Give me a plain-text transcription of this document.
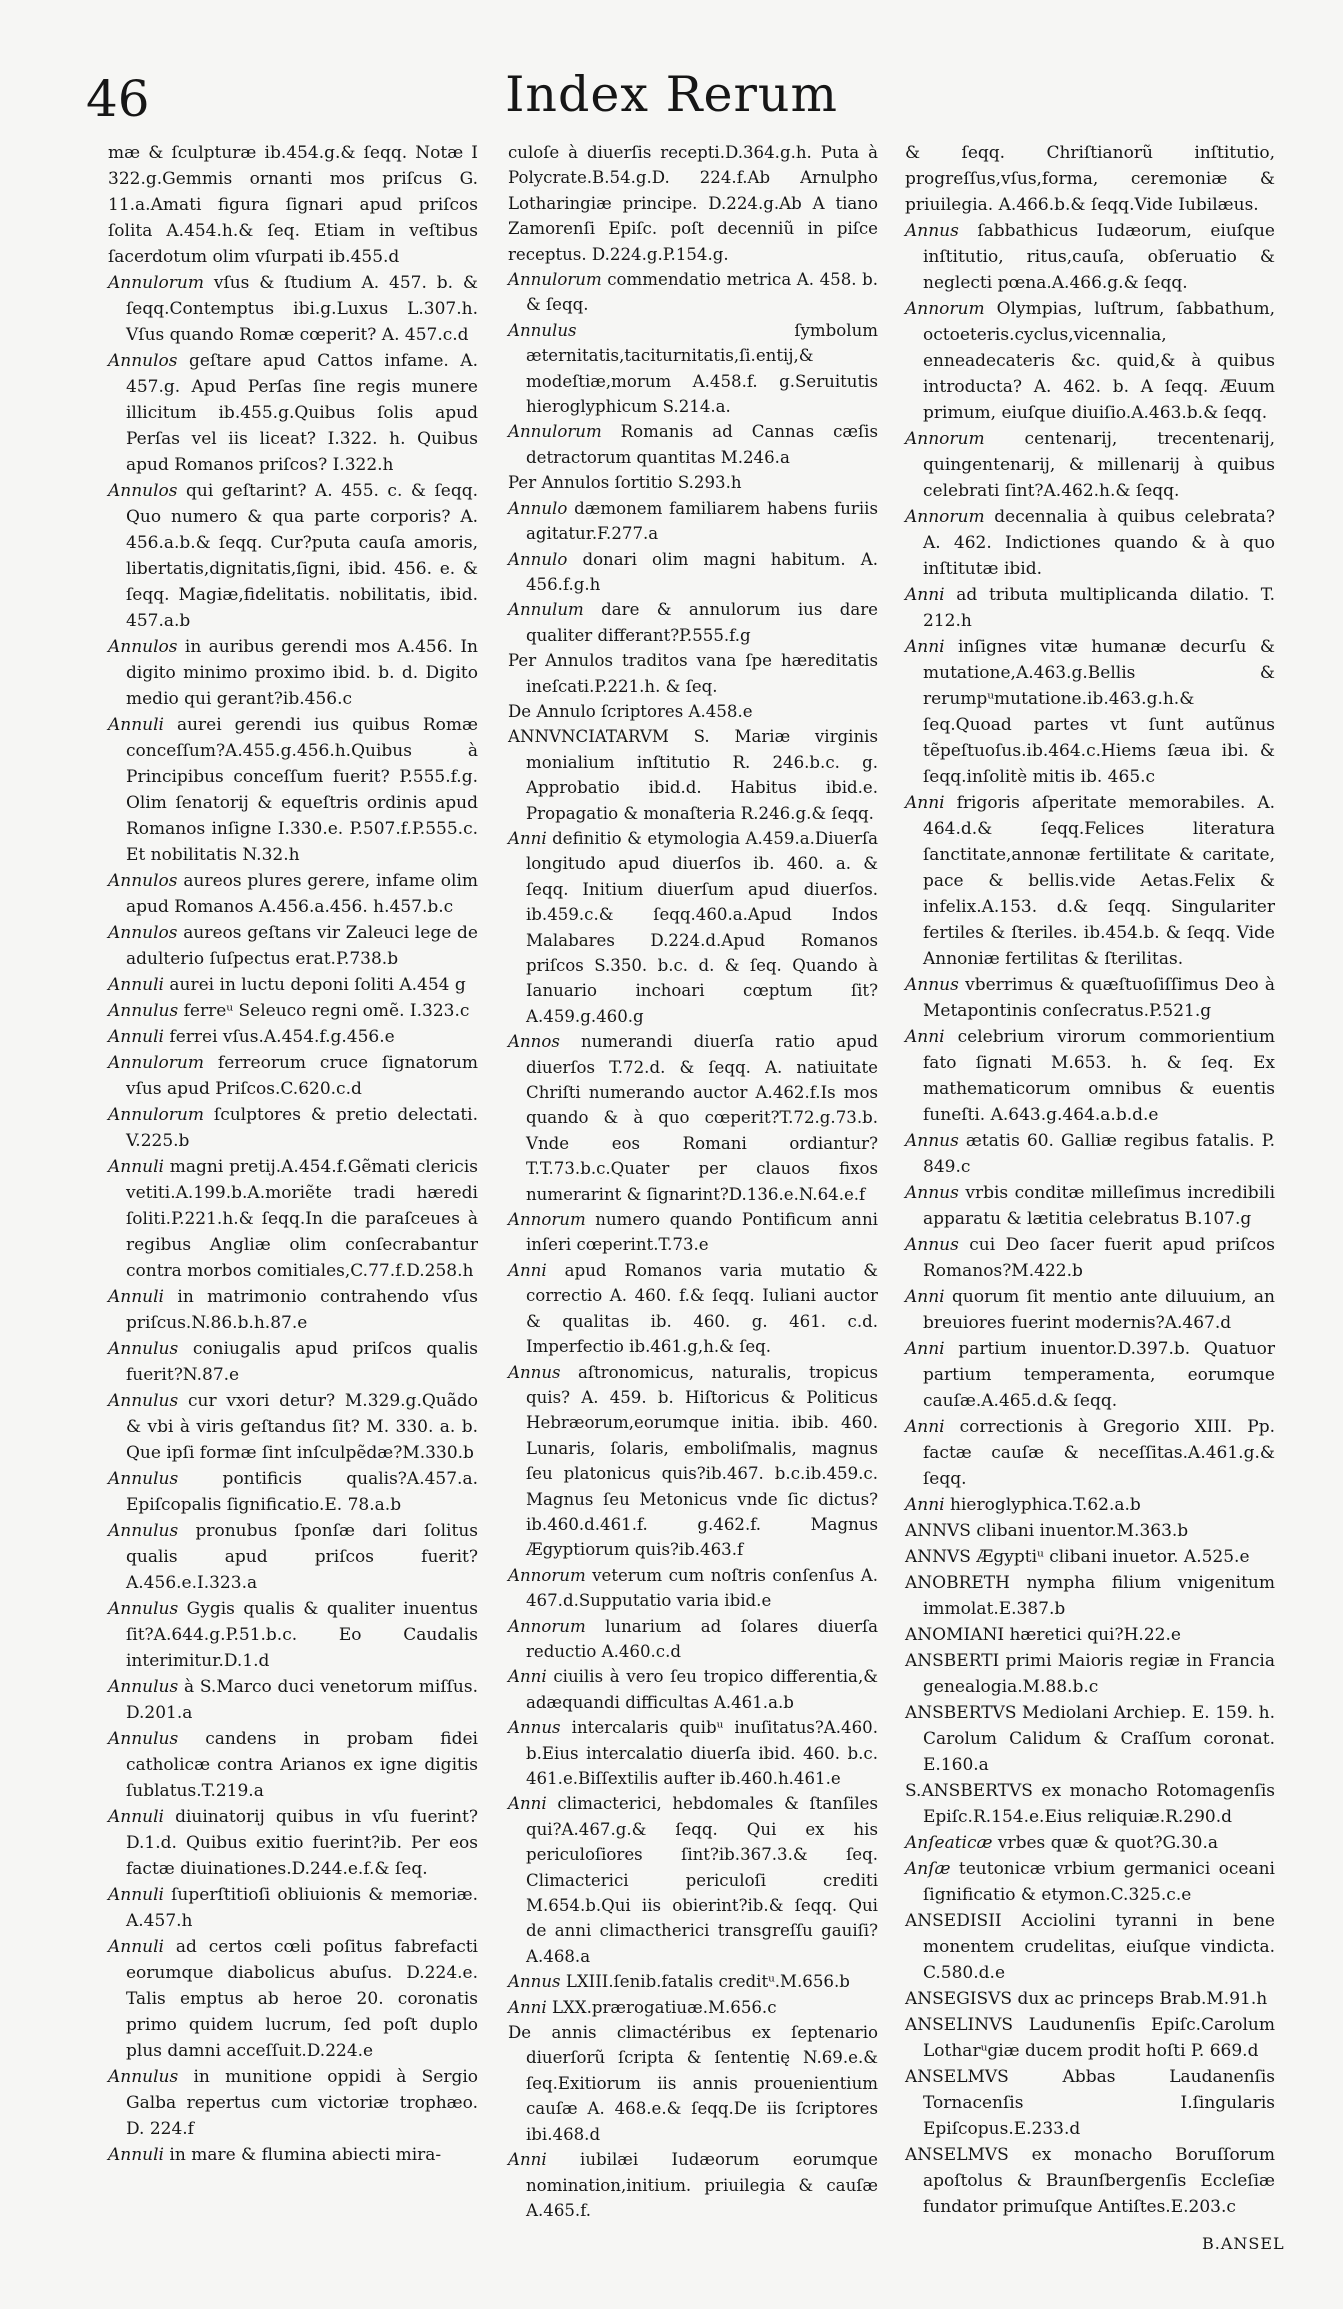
46	Index Rerum

mæ & ſculpturæ ib.454.g.& ſeqq. Notæ I 322.g.Gemmis ornanti mos priſcus G. 11.a.Amati figura ſignari apud priſcos ſolita A.454.h.& ſeq. Etiam in veſtibus ſacerdotum olim vſurpati ib.455.d

Annulorum vſus & ſtudium A. 457. b. & ſeqq.Contemptus ibi.g.Luxus L.307.h. Vſus quando Romæ cœperit? A. 457.c.d

Annulos geſtare apud Cattos infame. A. 457.g. Apud Perſas ſine regis munere illicitum ib.455.g.Quibus ſolis apud Perſas vel iis liceat? I.322. h. Quibus apud Romanos priſcos? I.322.h

Annulos qui geſtarint? A. 455. c. & ſeqq. Quo numero & qua parte corporis? A. 456.a.b.& ſeqq. Cur?puta cauſa amoris, libertatis,dignitatis,ſigni, ibid. 456. e. & ſeqq. Magiæ,fidelitatis. nobilitatis, ibid. 457.a.b

Annulos in auribus gerendi mos A.456. In digito minimo proximo ibid. b. d. Digito medio qui gerant?ib.456.c

Annuli aurei gerendi ius quibus Romæ conceſſum?A.455.g.456.h.Quibus à Principibus conceſſum fuerit? P.555.f.g. Olim ſenatorij & equeſtris ordinis apud Romanos inſigne I.330.e. P.507.f.P.555.c. Et nobilitatis N.32.h

Annulos aureos plures gerere, infame olim apud Romanos A.456.a.456. h.457.b.c

Annulos aureos geſtans vir Zaleuci lege de adulterio ſuſpectus erat.P.738.b

Annuli aurei in luctu deponi ſoliti A.454 g

Annulus ferreᵘ Seleuco regni omẽ. I.323.c

Annuli ferrei vſus.A.454.f.g.456.e

Annulorum ferreorum cruce ſignatorum vſus apud Priſcos.C.620.c.d

Annulorum ſculptores & pretio delectati. V.225.b

Annuli magni pretij.A.454.f.Gẽmati clericis vetiti.A.199.b.A.moriẽte tradi hæredi ſoliti.P.221.h.& ſeqq.In die paraſceues à regibus Angliæ olim conſecrabantur contra morbos comitiales,C.77.f.D.258.h

Annuli in matrimonio contrahendo vſus priſcus.N.86.b.h.87.e

Annulus coniugalis apud priſcos qualis fuerit?N.87.e

Annulus cur vxori detur? M.329.g.Quãdo & vbi à viris geſtandus ſit? M. 330. a. b. Que ipſi formæ ſint inſculpẽdæ?M.330.b

Annulus pontificis qualis?A.457.a. Epiſcopalis ſignificatio.E. 78.a.b

Annulus pronubus ſponſæ dari ſolitus qualis apud priſcos fuerit?A.456.e.I.323.a

Annulus Gygis qualis & qualiter inuentus ſit?A.644.g.P.51.b.c. Eo Caudalis interimitur.D.1.d

Annulus à S.Marco duci venetorum miſſus. D.201.a

Annulus candens in probam fidei catholicæ contra Arianos ex igne digitis ſublatus.T.219.a

Annuli diuinatorij quibus in vſu fuerint? D.1.d. Quibus exitio fuerint?ib. Per eos factæ diuinationes.D.244.e.f.& ſeq.

Annuli ſuperſtitioſi obliuionis & memoriæ. A.457.h

Annuli ad certos cœli poſitus fabrefacti eorumque diabolicus abuſus. D.224.e. Talis emptus ab heroe 20. coronatis primo quidem lucrum, ſed poſt duplo plus damni acceſſuit.D.224.e

Annulus in munitione oppidi à Sergio Galba repertus cum victoriæ trophæo. D. 224.f

Annuli in mare & flumina abiecti mira-

culoſe à diuerſis recepti.D.364.g.h. Puta à Polycrate.B.54.g.D. 224.f.Ab Arnulpho Lotharingiæ principe. D.224.g.Ab A tiano Zamorenſi Epiſc. poſt decenniũ in piſce receptus. D.224.g.P.154.g.

Annulorum commendatio metrica A. 458. b. & ſeqq.

Annulus ſymbolum æternitatis,taciturnitatis,ſi.entij,& modeſtiæ,morum A.458.f. g.Seruitutis hieroglyphicum S.214.a.

Annulorum Romanis ad Cannas cæſis detractorum quantitas M.246.a

Per Annulos ſortitio S.293.h

Annulo dæmonem familiarem habens furiis agitatur.F.277.a

Annulo donari olim magni habitum. A. 456.f.g.h

Annulum dare & annulorum ius dare qualiter differant?P.555.f.g

Per Annulos traditos vana ſpe hæreditatis ineſcati.P.221.h. & ſeq.

De Annulo ſcriptores A.458.e

ANNVNCIATARVM S. Mariæ virginis monialium inſtitutio R. 246.b.c. g. Approbatio ibid.d. Habitus ibid.e. Propagatio & monaſteria R.246.g.& ſeqq.

Anni definitio & etymologia A.459.a.Diuerſa longitudo apud diuerſos ib. 460. a. & ſeqq. Initium diuerſum apud diuerſos. ib.459.c.& ſeqq.460.a.Apud Indos Malabares D.224.d.Apud Romanos priſcos S.350. b.c. d. & ſeq. Quando à Ianuario inchoari cœptum ſit?A.459.g.460.g

Annos numerandi diuerſa ratio apud diuerſos T.72.d. & ſeqq. A. natiuitate Chriſti numerando auctor A.462.f.Is mos quando & à quo cœperit?T.72.g.73.b. Vnde eos Romani ordiantur?T.T.73.b.c.Quater per clauos fixos numerarint & ſignarint?D.136.e.N.64.e.f

Annorum numero quando Pontificum anni inſeri cœperint.T.73.e

Anni apud Romanos varia mutatio & correctio A. 460. f.& ſeqq. Iuliani auctor & qualitas ib. 460. g. 461. c.d. Imperfectio ib.461.g,h.& ſeq.

Annus aſtronomicus, naturalis, tropicus quis? A. 459. b. Hiſtoricus & Politicus Hebræorum,eorumque initia. ibib. 460. Lunaris, ſolaris, emboliſmalis, magnus ſeu platonicus quis?ib.467. b.c.ib.459.c. Magnus ſeu Metonicus vnde ſic dictus? ib.460.d.461.f. g.462.f. Magnus Ægyptiorum quis?ib.463.f

Annorum veterum cum noſtris conſenſus A. 467.d.Supputatio varia ibid.e

Annorum lunarium ad ſolares diuerſa reductio A.460.c.d

Anni ciuilis à vero ſeu tropico differentia,& adæquandi difficultas A.461.a.b

Annus intercalaris quibᵘ inuſitatus?A.460. b.Eius intercalatio diuerſa ibid. 460. b.c. 461.e.Biſſextilis aufter ib.460.h.461.e

Anni climacterici, hebdomales & ſtanſiles qui?A.467.g.& ſeqq. Qui ex his periculoſiores ſint?ib.367.3.& ſeq. Climacterici periculoſi crediti M.654.b.Qui iis obierint?ib.& ſeqq. Qui de anni climactherici transgreſſu gauiſi?A.468.a

Annus LXIII.ſenib.fatalis creditᵘ.M.656.b

Anni LXX.prærogatiuæ.M.656.c

De annis climactéribus ex ſeptenario diuerſorũ ſcripta & ſententię N.69.e.& ſeq.Exitiorum iis annis prouenientium cauſæ A. 468.e.& ſeqq.De iis ſcriptores ibi.468.d

Anni iubilæi Iudæorum eorumque nomination,initium. priuilegia & cauſæ A.465.f.

& ſeqq. Chriſtianorũ inſtitutio, progreſſus,vſus,forma, ceremoniæ & priuilegia. A.466.b.& ſeqq.Vide Iubilæus.

Annus ſabbathicus Iudæorum, eiuſque inſtitutio, ritus,cauſa, obſeruatio & neglecti pœna.A.466.g.& ſeqq.

Annorum Olympias, luſtrum, ſabbathum, octoeteris.cyclus,vicennalia, enneadecateris &c. quid,& à quibus introducta? A. 462. b. A ſeqq. Æuum primum, eiuſque diuiſio.A.463.b.& ſeqq.

Annorum centenarij, trecentenarij, quingentenarij, & millenarij à quibus celebrati ſint?A.462.h.& ſeqq.

Annorum decennalia à quibus celebrata? A. 462. Indictiones quando & à quo inſtitutæ ibid.

Anni ad tributa multiplicanda dilatio. T. 212.h

Anni inſignes vitæ humanæ decurſu & mutatione,A.463.g.Bellis & rerumpᵘmutatione.ib.463.g.h.& ſeq.Quoad partes vt ſunt autũnus tẽpeſtuoſus.ib.464.c.Hiems ſæua ibi. & ſeqq.inſolitè mitis ib. 465.c

Anni frigoris aſperitate memorabiles. A. 464.d.& ſeqq.Felices literatura ſanctitate,annonæ fertilitate & caritate, pace & bellis.vide Aetas.Felix & infelix.A.153. d.& ſeqq. Singulariter fertiles & ſteriles. ib.454.b. & ſeqq. Vide Annoniæ fertilitas & ſterilitas.

Annus vberrimus & quæſtuoſiſſimus Deo à Metapontinis conſecratus.P.521.g

Anni celebrium virorum commorientium fato ſignati M.653. h. & ſeq. Ex mathematicorum omnibus & euentis funeſti. A.643.g.464.a.b.d.e

Annus ætatis 60. Galliæ regibus fatalis. P. 849.c

Annus vrbis conditæ milleſimus incredibili apparatu & lætitia celebratus B.107.g

Annus cui Deo ſacer fuerit apud priſcos Romanos?M.422.b

Anni quorum ſit mentio ante diluuium, an breuiores fuerint modernis?A.467.d

Anni partium inuentor.D.397.b. Quatuor partium temperamenta, eorumque cauſæ.A.465.d.& ſeqq.

Anni correctionis à Gregorio XIII. Pp. factæ cauſæ & neceſſitas.A.461.g.& ſeqq.

Anni hieroglyphica.T.62.a.b

ANNVS clibani inuentor.M.363.b

ANNVS Ægyptiᵘ clibani inuetor. A.525.e

ANOBRETH nympha filium vnigenitum immolat.E.387.b

ANOMIANI hæretici qui?H.22.e

ANSBERTI primi Maioris regiæ in Francia genealogia.M.88.b.c

ANSBERTVS Mediolani Archiep. E. 159. h. Carolum Calidum & Craſſum coronat. E.160.a

S.ANSBERTVS ex monacho Rotomagenſis Epiſc.R.154.e.Eius reliquiæ.R.290.d

Anſeaticæ vrbes quæ & quot?G.30.a

Anſæ teutonicæ vrbium germanici oceani ſignificatio & etymon.C.325.c.e

ANSEDISII Acciolini tyranni in bene monentem crudelitas, eiuſque vindicta. C.580.d.e

ANSEGISVS dux ac princeps Brab.M.91.h

ANSELINVS Laudunenſis Epiſc.Carolum Lotharᵘgiæ ducem prodit hoſti P. 669.d

ANSELMVS Abbas Laudanenſis Tornacenſis I.ſingularis Epiſcopus.E.233.d

ANSELMVS ex monacho Boruſſorum apoſtolus & Braunſbergenſis Eccleſiæ fundator primuſque Antiſtes.E.203.c

B.ANSEL
